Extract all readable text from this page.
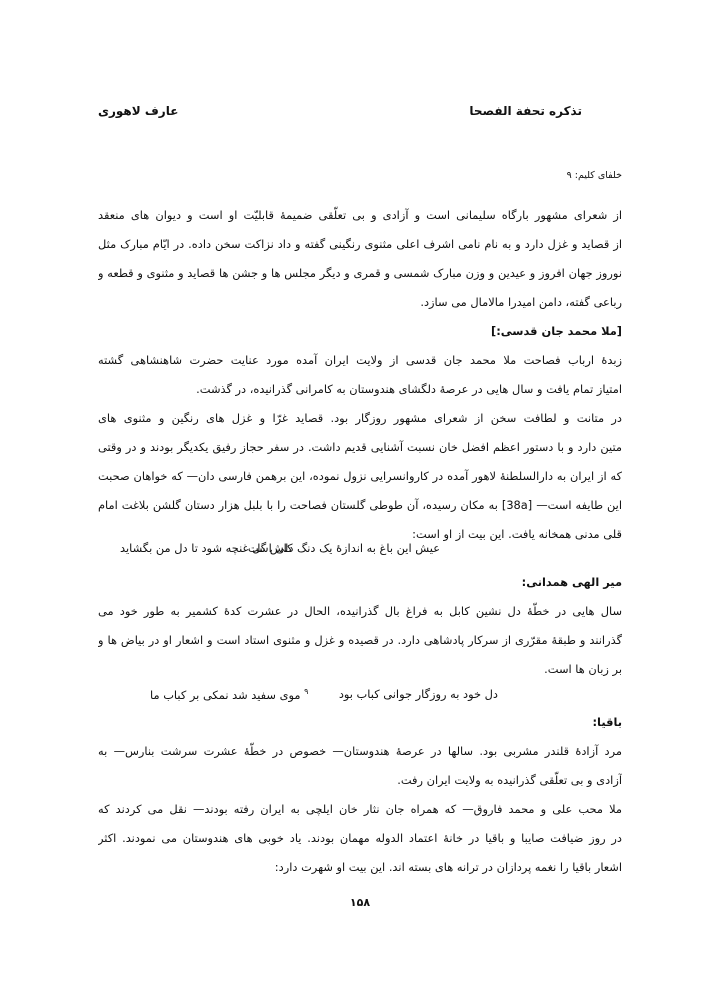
عارف لاهوری	تذکره تحفة الفصحا
خلفای کلیم: ۹
از شعرای مشهور بارگاه سلیمانی است و آزادی و بی تعلّقی ضمیمهٔ قابلیّت او است و دیوان های منعقد
از قصاید و غزل دارد و به نام نامی اشرف اعلی مثنوی رنگینی گفته و داد نزاکت سخن داده. در ایّام مبارک مثل
نوروز جهان افروز و عیدین و وزن مبارک شمسی و قمری و دیگر مجلس ها و جشن ها قصاید و مثنوی و قطعه و
رباعی گفته، دامن امیدرا مالامال می سازد.
[ملا محمد جان قدسی:]
زبدهٔ ارباب فصاحت ملا محمد جان قدسی از ولایت ایران آمده مورد عنایت حضرت شاهنشاهی گشته
امتیاز تمام یافت و سال هایی در عرصهٔ دلگشای هندوستان به کامرانی گذرانیده، در گذشت.
در متانت و لطافت سخن از شعرای مشهور روزگار بود. قصاید غرّا و غزل های رنگین و مثنوی های
متین دارد و با دستور اعظم افضل خان نسبت آشنایی قدیم داشت. در سفر حجاز رفیق یکدیگر بودند و در وقتی
که از ایران به دارالسلطنهٔ لاهور آمده در کاروانسرایی نزول نموده، این برهمن فارسی دان— که خواهان صحبت
این طایفه است— [38a] به مکان رسیده، آن طوطی گلستان فصاحت را با بلبل هزار دستان گلشن بلاغت امام
قلی مدنی همخانه یافت. این بیت از او است:
عیش این باغ به اندازهٔ یک دنگ دلی است
کاش گل غنچه شود تا دل من بگشاید
میر الهی همدانی:
سال هایی در خطّهٔ دل نشین کابل به فراغ بال گذرانیده، الحال در عشرت کدهٔ کشمیر به طور خود می
گذرانند و طبقهٔ مقرّری از سرکار پادشاهی دارد. در قصیده و غزل و مثنوی استاد است و اشعار او در بیاض ها و
بر زبان ها است.
دل خود به روزگار جوانی کباب بود
$^۹$ موی سفید شد نمکی بر کباب ما
باقیا:
مرد آزادهٔ قلندر مشربی بود. سالها در عرصهٔ هندوستان— خصوص در خطّهٔ عشرت سرشت بنارس— به
آزادی و بی تعلّقی گذرانیده به ولایت ایران رفت.
ملا محب علی و محمد فاروق— که همراه جان نثار خان ایلچی به ایران رفته بودند— نقل می کردند که
در روز ضیافت صایبا و باقیا در خانهٔ اعتماد الدوله مهمان بودند. یاد خوبی های هندوستان می نمودند. اکثر
اشعار باقیا را نغمه پردازان در ترانه های بسته اند. این بیت او شهرت دارد:
۱۵۸
